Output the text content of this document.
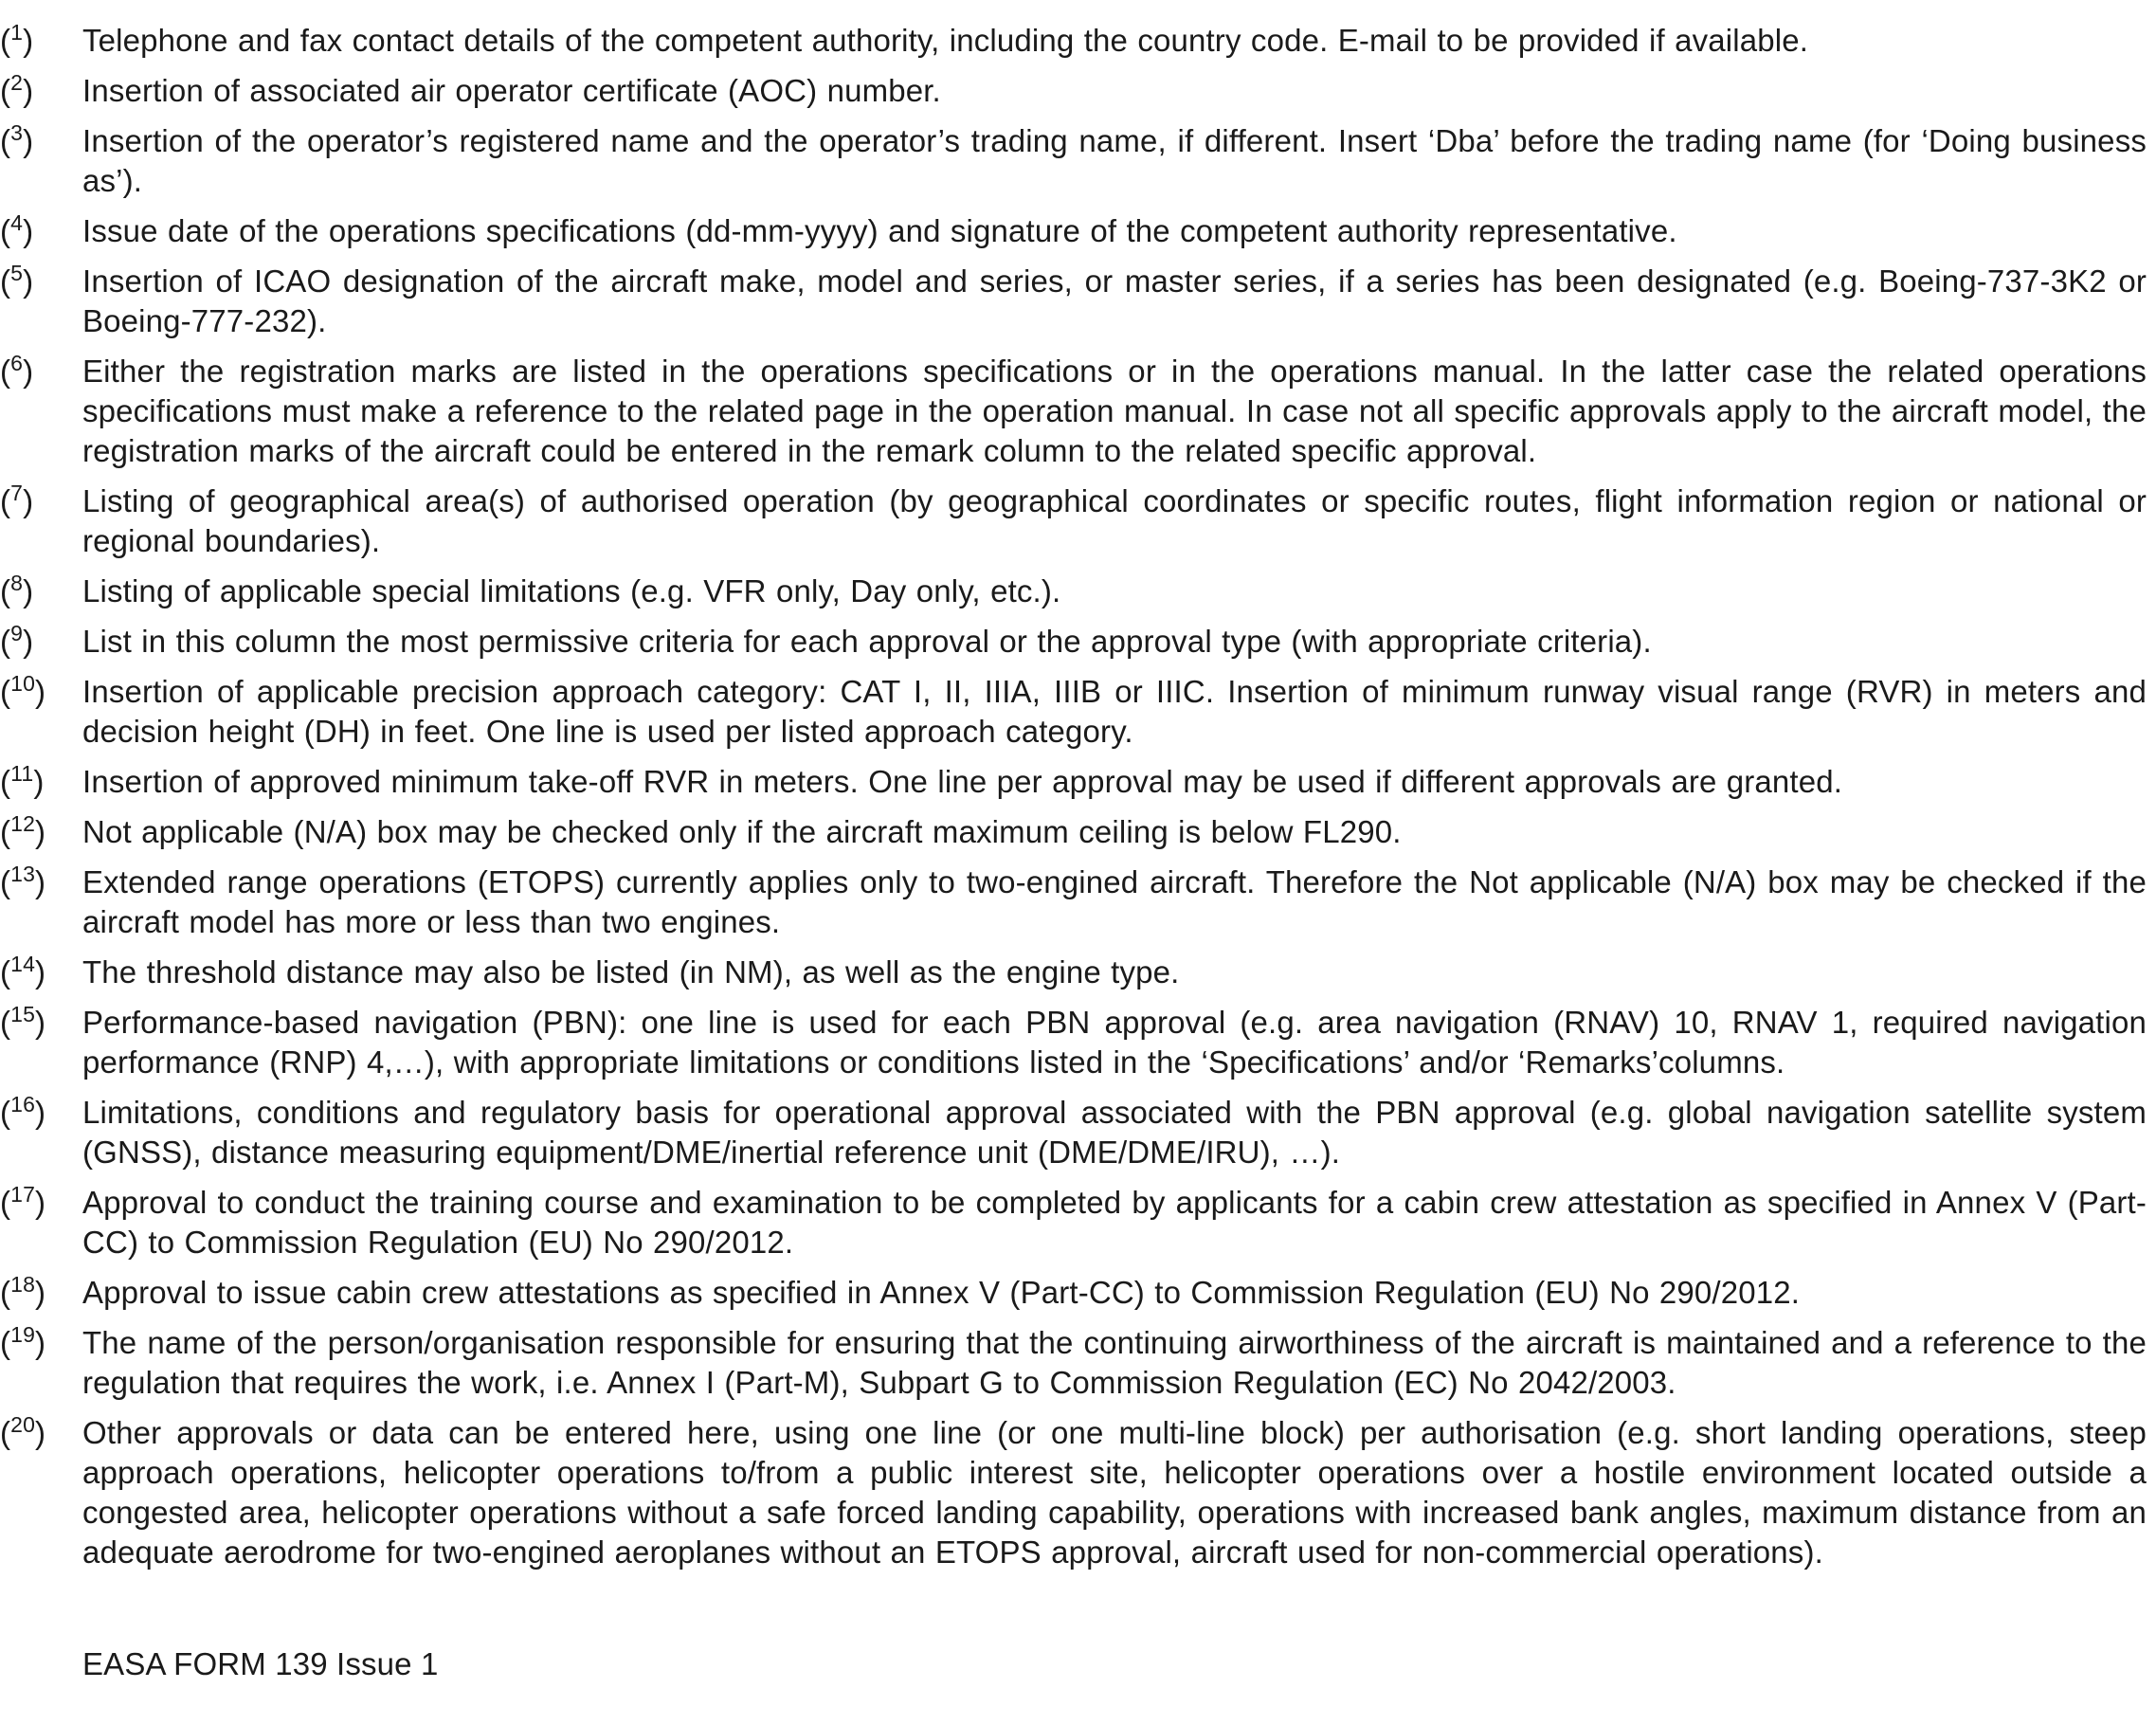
($^1$)	Telephone and fax contact details of the competent authority, including the country code. E-mail to be provided if available.
($^2$)	Insertion of associated air operator certificate (AOC) number.
($^3$)	Insertion of the operator’s registered name and the operator’s trading name, if different. Insert ‘Dba’ before the trading name (for ‘Doing business as’).
($^4$)	Issue date of the operations specifications (dd-mm-yyyy) and signature of the competent authority representative.
($^5$)	Insertion of ICAO designation of the aircraft make, model and series, or master series, if a series has been designated (e.g. Boeing-737-3K2 or Boeing-777-232).
($^6$)	Either the registration marks are listed in the operations specifications or in the operations manual. In the latter case the related operations specifications must make a reference to the related page in the operation manual. In case not all specific approvals apply to the aircraft model, the registration marks of the aircraft could be entered in the remark column to the related specific approval.
($^7$)	Listing of geographical area(s) of authorised operation (by geographical coordinates or specific routes, flight information region or national or regional boundaries).
($^8$)	Listing of applicable special limitations (e.g. VFR only, Day only, etc.).
($^9$)	List in this column the most permissive criteria for each approval or the approval type (with appropriate criteria).
($^{10}$)	Insertion of applicable precision approach category: CAT I, II, IIIA, IIIB or IIIC. Insertion of minimum runway visual range (RVR) in meters and decision height (DH) in feet. One line is used per listed approach category.
($^{11}$)	Insertion of approved minimum take-off RVR in meters. One line per approval may be used if different approvals are granted.
($^{12}$)	Not applicable (N/A) box may be checked only if the aircraft maximum ceiling is below FL290.
($^{13}$)	Extended range operations (ETOPS) currently applies only to two-engined aircraft. Therefore the Not applicable (N/A) box may be checked if the aircraft model has more or less than two engines.
($^{14}$)	The threshold distance may also be listed (in NM), as well as the engine type.
($^{15}$)	Performance-based navigation (PBN): one line is used for each PBN approval (e.g. area navigation (RNAV) 10, RNAV 1, required navigation performance (RNP) 4,…), with appropriate limitations or conditions listed in the ‘Specifications’ and/or ‘Remarks’columns.
($^{16}$)	Limitations, conditions and regulatory basis for operational approval associated with the PBN approval (e.g. global navigation satellite system (GNSS), distance measuring equipment/DME/inertial reference unit (DME/DME/IRU), …).
($^{17}$)	Approval to conduct the training course and examination to be completed by applicants for a cabin crew attestation as specified in Annex V (Part-CC) to Commission Regulation (EU) No 290/2012.
($^{18}$)	Approval to issue cabin crew attestations as specified in Annex V (Part-CC) to Commission Regulation (EU) No 290/2012.
($^{19}$)	The name of the person/organisation responsible for ensuring that the continuing airworthiness of the aircraft is maintained and a reference to the regulation that requires the work, i.e. Annex I (Part-M), Subpart G to Commission Regulation (EC) No 2042/2003.
($^{20}$)	Other approvals or data can be entered here, using one line (or one multi-line block) per authorisation (e.g. short landing operations, steep approach operations, helicopter operations to/from a public interest site, helicopter operations over a hostile environment located outside a congested area, helicopter operations without a safe forced landing capability, operations with increased bank angles, maximum distance from an adequate aerodrome for two-engined aeroplanes without an ETOPS approval, aircraft used for non-commercial operations).
EASA FORM 139 Issue 1
